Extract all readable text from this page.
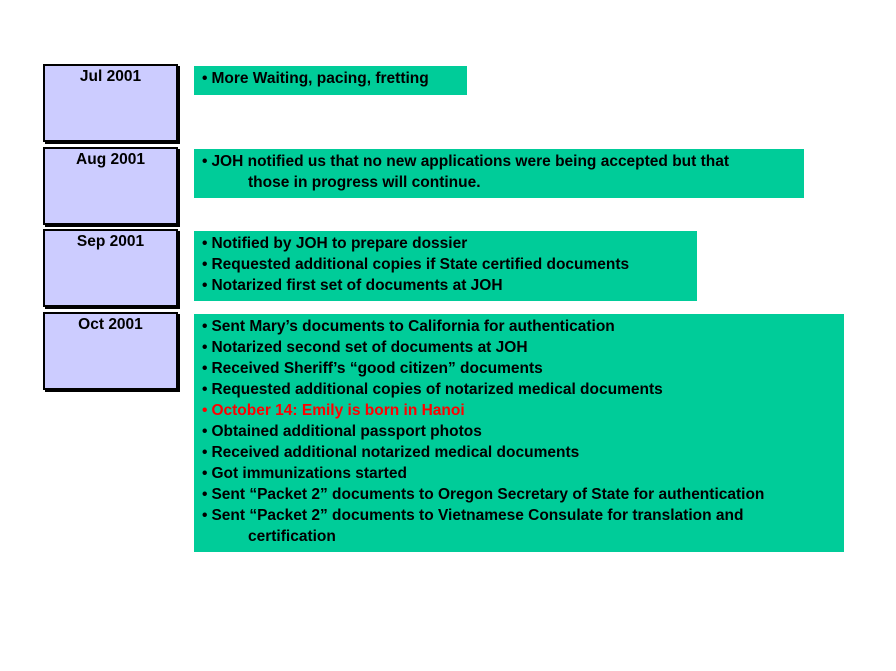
Jul 2001	• More Waiting, pacing, fretting
Aug 2001	• JOH notified us that no new applications were being accepted but that
those in progress will continue.
Sep 2001	• Notified by JOH to prepare dossier
• Requested additional copies if State certified documents
• Notarized first set of documents at JOH
Oct 2001	• Sent Mary’s documents to California for authentication
• Notarized second set of documents at JOH
• Received Sheriff’s “good citizen” documents
• Requested additional copies of notarized medical documents
• October 14: Emily is born in Hanoi
• Obtained additional passport photos
• Received additional notarized medical documents
• Got immunizations started
• Sent “Packet 2” documents to Oregon Secretary of State for authentication
• Sent “Packet 2” documents to Vietnamese Consulate for translation and
certification
